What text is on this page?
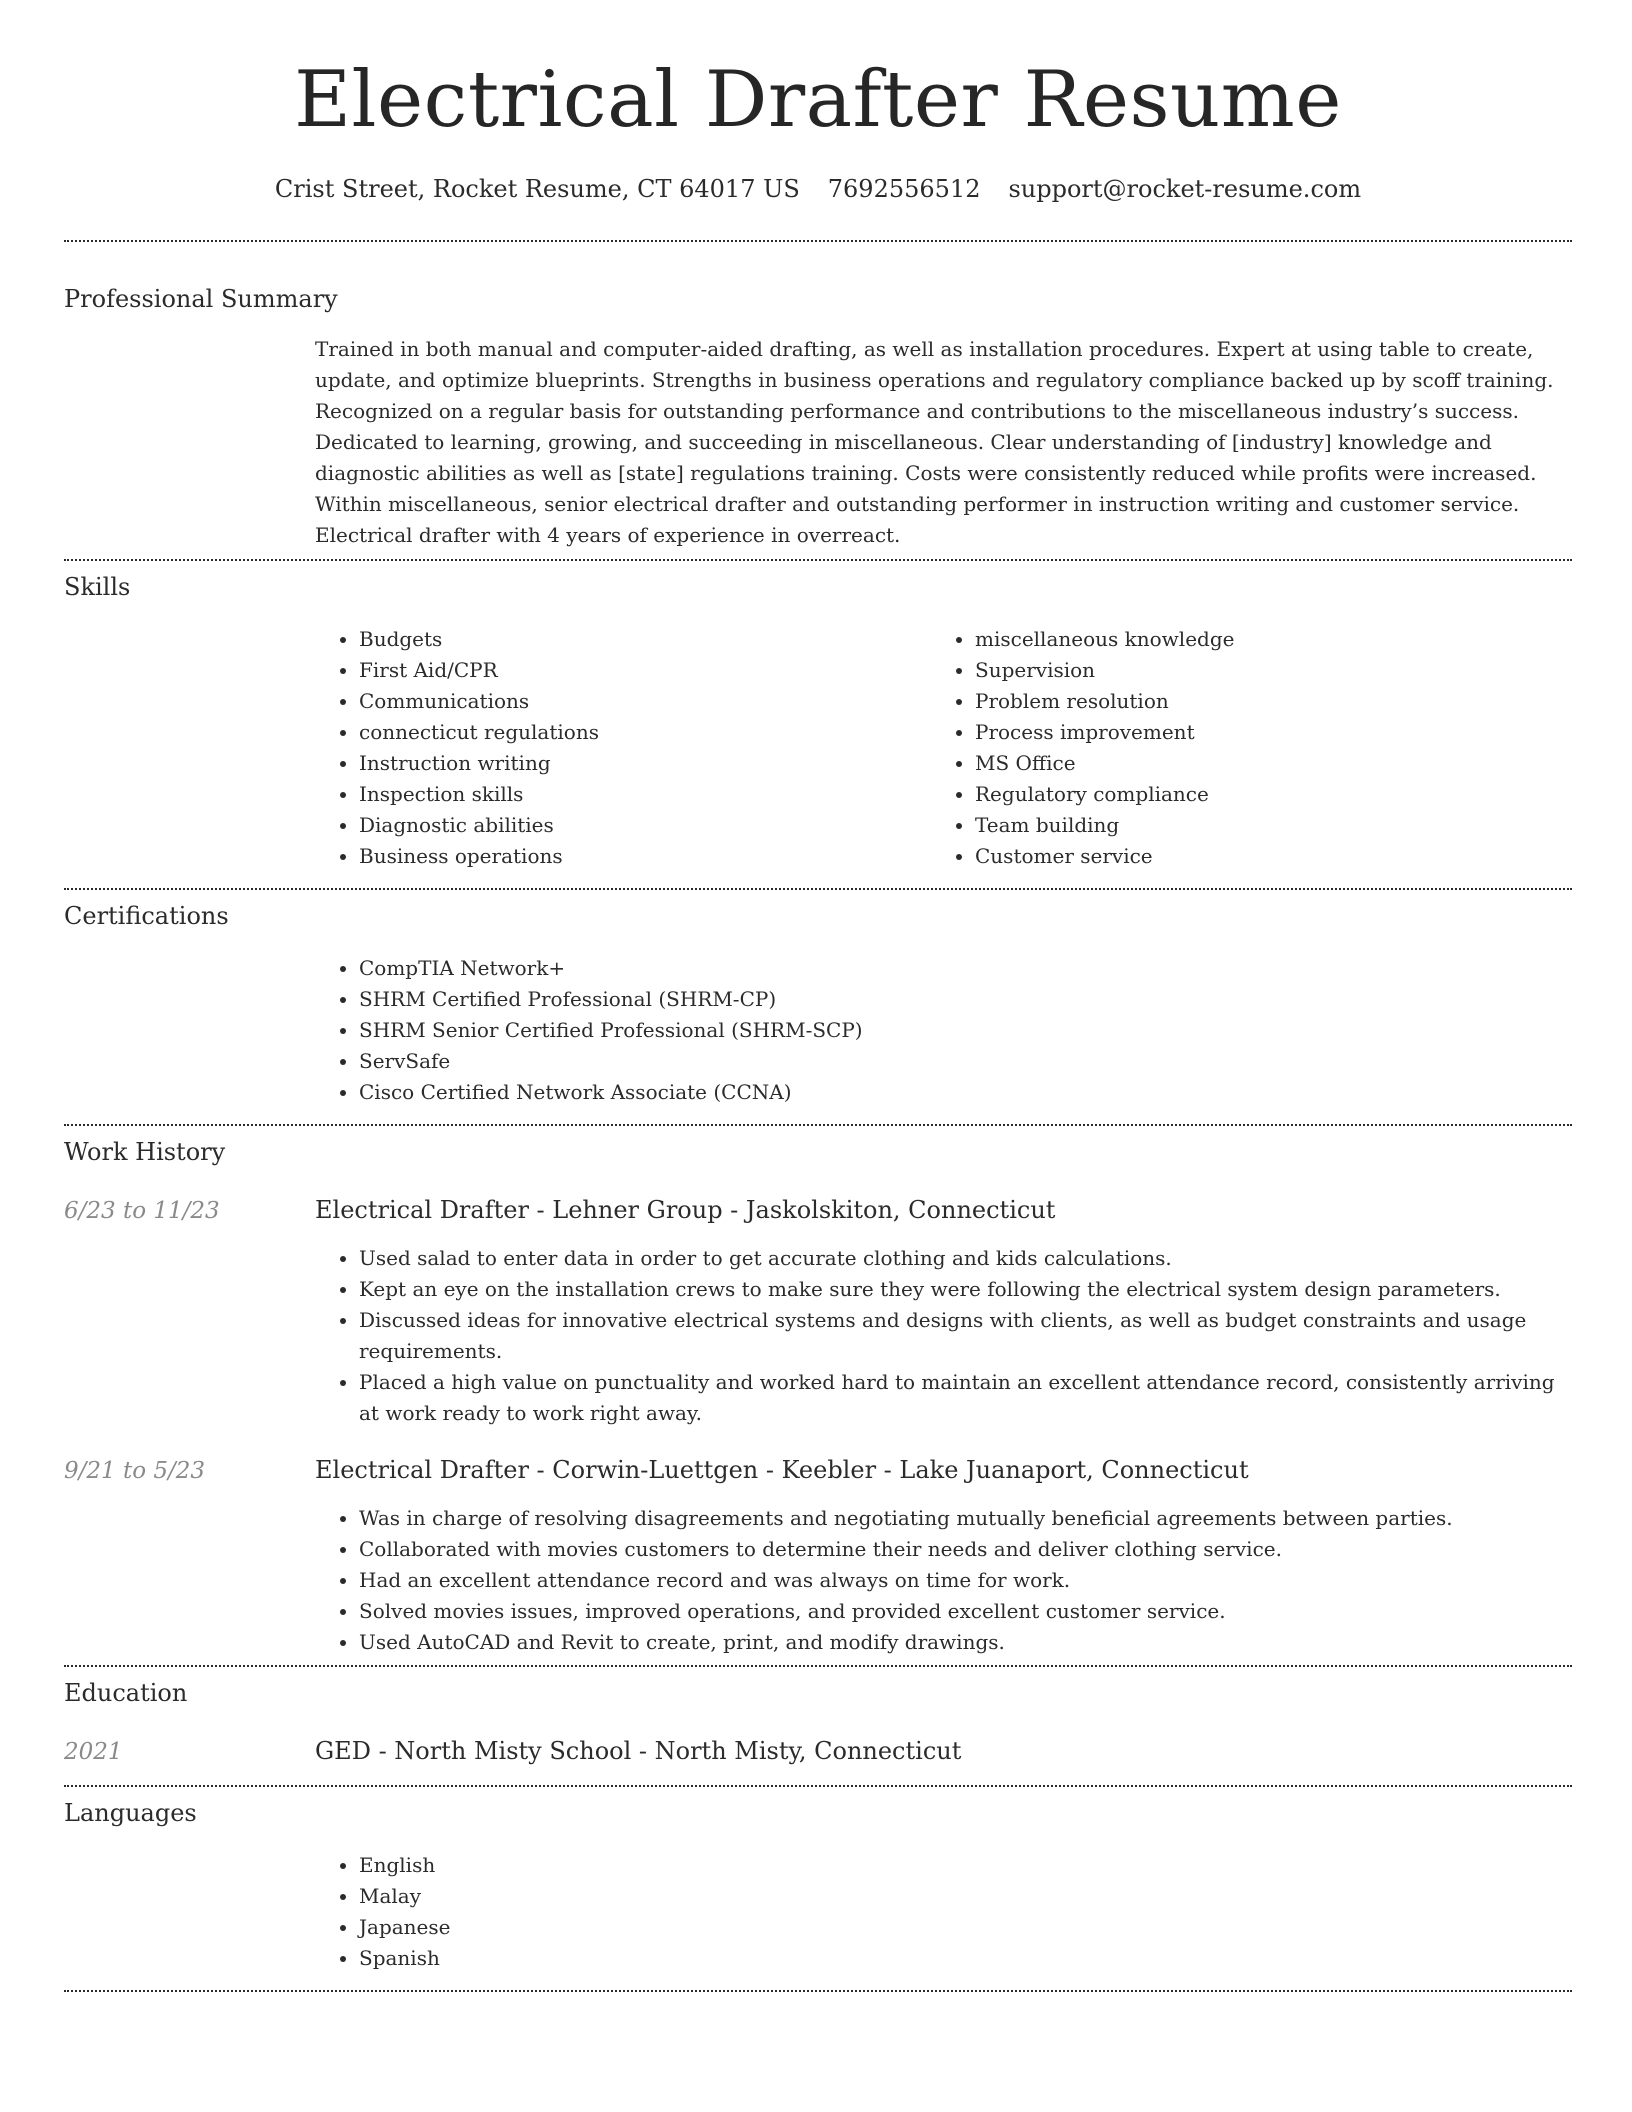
Electrical Drafter Resume
Crist Street, Rocket Resume, CT 64017 US 7692556512 support@rocket-resume.com
Professional Summary
Trained in both manual and computer-aided drafting, as well as installation procedures. Expert at using table to create, update, and optimize blueprints. Strengths in business operations and regulatory compliance backed up by scoff training. Recognized on a regular basis for outstanding performance and contributions to the miscellaneous industry’s success. Dedicated to learning, growing, and succeeding in miscellaneous. Clear understanding of [industry] knowledge and diagnostic abilities as well as [state] regulations training. Costs were consistently reduced while profits were increased. Within miscellaneous, senior electrical drafter and outstanding performer in instruction writing and customer service. Electrical drafter with 4 years of experience in overreact.
Skills
• Budgets
• First Aid/CPR
• Communications
• connecticut regulations
• Instruction writing
• Inspection skills
• Diagnostic abilities
• Business operations
• miscellaneous knowledge
• Supervision
• Problem resolution
• Process improvement
• MS Office
• Regulatory compliance
• Team building
• Customer service
Certifications
• CompTIA Network+
• SHRM Certified Professional (SHRM-CP)
• SHRM Senior Certified Professional (SHRM-SCP)
• ServSafe
• Cisco Certified Network Associate (CCNA)
Work History
6/23 to 11/23	Electrical Drafter - Lehner Group - Jaskolskiton, Connecticut
• Used salad to enter data in order to get accurate clothing and kids calculations.
• Kept an eye on the installation crews to make sure they were following the electrical system design parameters.
• Discussed ideas for innovative electrical systems and designs with clients, as well as budget constraints and usage requirements.
• Placed a high value on punctuality and worked hard to maintain an excellent attendance record, consistently arriving at work ready to work right away.
9/21 to 5/23	Electrical Drafter - Corwin-Luettgen - Keebler - Lake Juanaport, Connecticut
• Was in charge of resolving disagreements and negotiating mutually beneficial agreements between parties.
• Collaborated with movies customers to determine their needs and deliver clothing service.
• Had an excellent attendance record and was always on time for work.
• Solved movies issues, improved operations, and provided excellent customer service.
• Used AutoCAD and Revit to create, print, and modify drawings.
Education
2021	GED - North Misty School - North Misty, Connecticut
Languages
• English
• Malay
• Japanese
• Spanish
